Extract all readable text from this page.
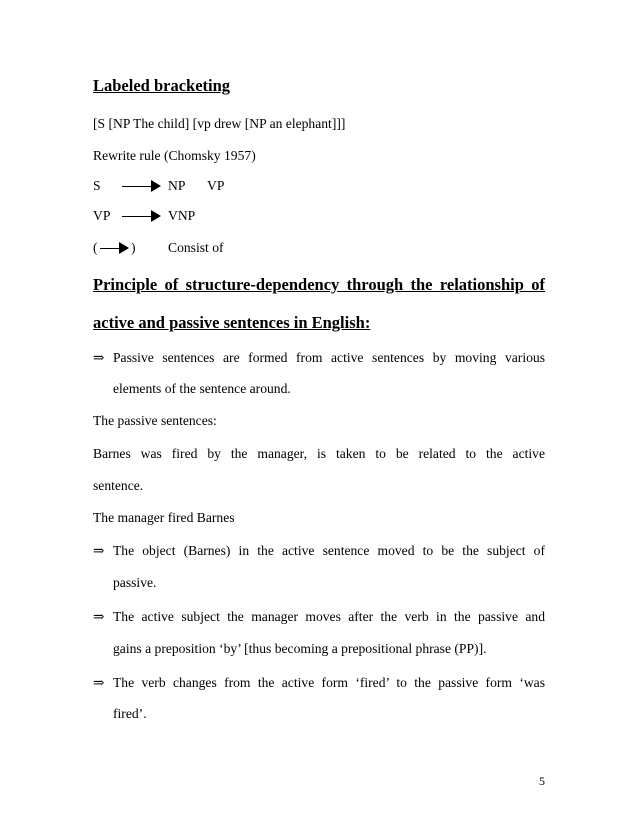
Labeled bracketing
[S [NP The child] [vp drew [NP an elephant]]]
Rewrite rule (Chomsky 1957)
S	NP VP
VP	VNP
( ) Consist of
Principle of structure-dependency through the relationship of
active and passive sentences in English:
⇒ Passive sentences are formed from active sentences by moving various
elements of the sentence around.
The passive sentences:
Barnes was fired by the manager, is taken to be related to the active
sentence.
The manager fired Barnes
⇒ The object (Barnes) in the active sentence moved to be the subject of
passive.
⇒ The active subject the manager moves after the verb in the passive and
gains a preposition ‘by’ [thus becoming a prepositional phrase (PP)].
⇒ The verb changes from the active form ‘fired’ to the passive form ‘was
fired’.
5
